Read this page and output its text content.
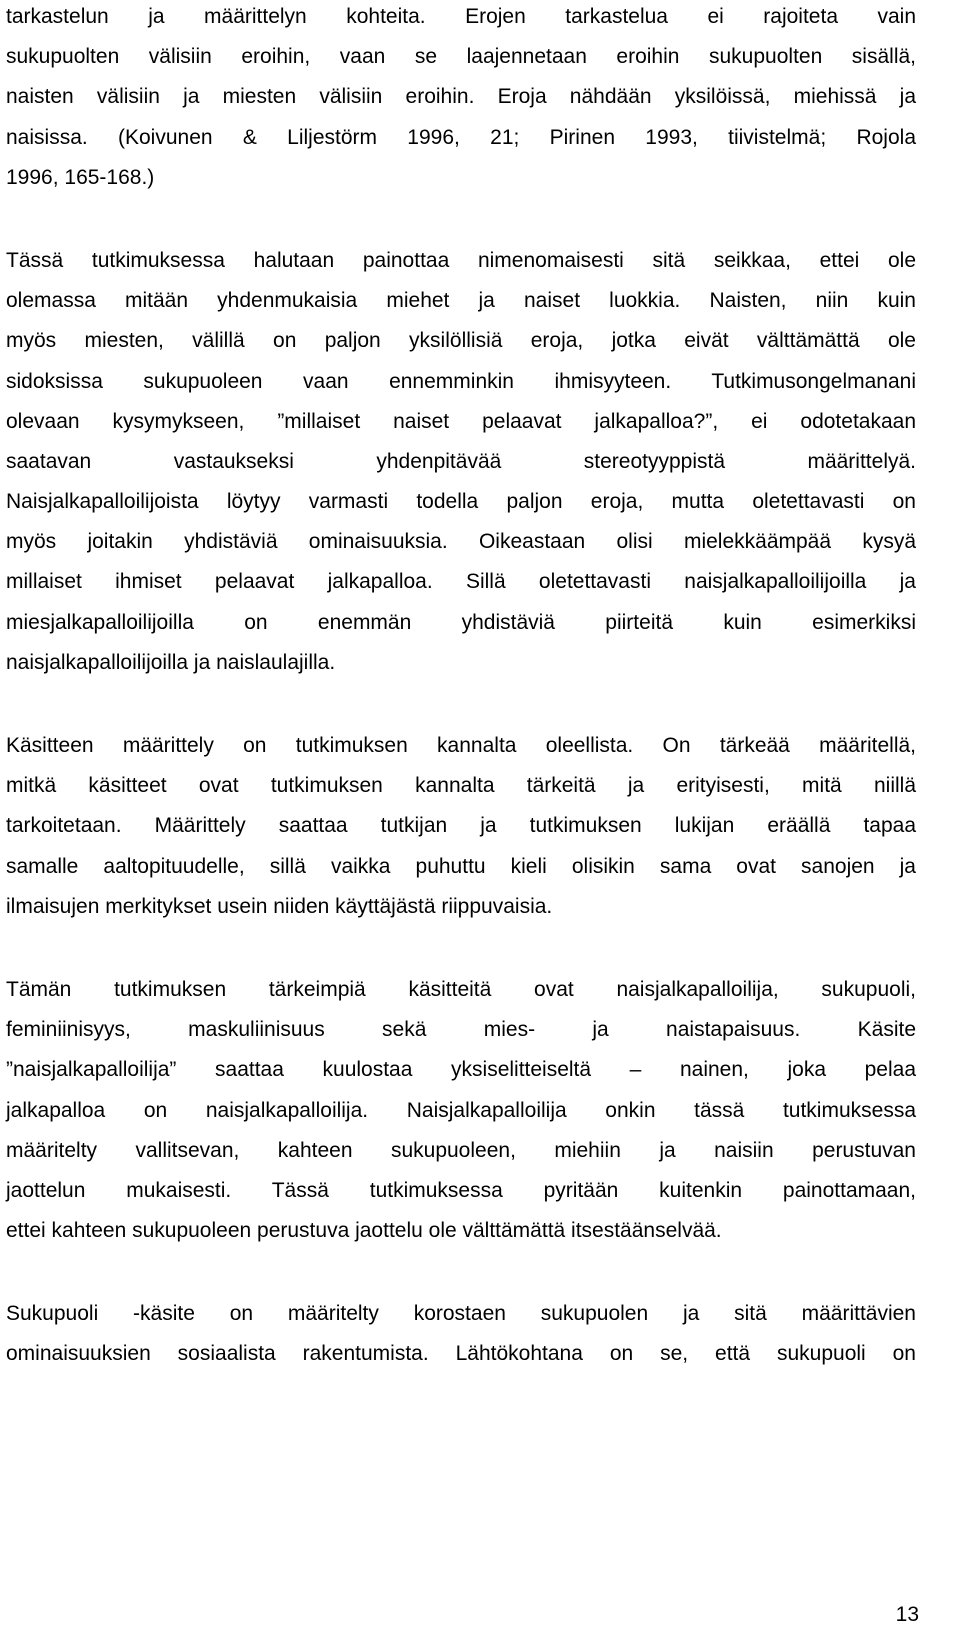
tarkastelun ja määrittelyn kohteita. Erojen tarkastelua ei rajoiteta vain
sukupuolten välisiin eroihin, vaan se laajennetaan eroihin sukupuolten sisällä,
naisten välisiin ja miesten välisiin eroihin. Eroja nähdään yksilöissä, miehissä ja
naisissa. (Koivunen & Liljestörm 1996, 21; Pirinen 1993, tiivistelmä; Rojola
1996, 165-168.)

Tässä tutkimuksessa halutaan painottaa nimenomaisesti sitä seikkaa, ettei ole
olemassa mitään yhdenmukaisia miehet ja naiset luokkia. Naisten, niin kuin
myös miesten, välillä on paljon yksilöllisiä eroja, jotka eivät välttämättä ole
sidoksissa sukupuoleen vaan ennemminkin ihmisyyteen. Tutkimusongelmanani
olevaan kysymykseen, ”millaiset naiset pelaavat jalkapalloa?”, ei odotetakaan
saatavan vastaukseksi yhdenpitävää stereotyyppistä määrittelyä.
Naisjalkapalloilijoista löytyy varmasti todella paljon eroja, mutta oletettavasti on
myös joitakin yhdistäviä ominaisuuksia. Oikeastaan olisi mielekkäämpää kysyä
millaiset ihmiset pelaavat jalkapalloa. Sillä oletettavasti naisjalkapalloilijoilla ja
miesjalkapalloilijoilla on enemmän yhdistäviä piirteitä kuin esimerkiksi
naisjalkapalloilijoilla ja naislaulajilla.

Käsitteen määrittely on tutkimuksen kannalta oleellista. On tärkeää määritellä,
mitkä käsitteet ovat tutkimuksen kannalta tärkeitä ja erityisesti, mitä niillä
tarkoitetaan. Määrittely saattaa tutkijan ja tutkimuksen lukijan eräällä tapaa
samalle aaltopituudelle, sillä vaikka puhuttu kieli olisikin sama ovat sanojen ja
ilmaisujen merkitykset usein niiden käyttäjästä riippuvaisia.

Tämän tutkimuksen tärkeimpiä käsitteitä ovat naisjalkapalloilija, sukupuoli,
feminiinisyys, maskuliinisuus sekä mies- ja naistapaisuus. Käsite
”naisjalkapalloilija” saattaa kuulostaa yksiselitteiseltä – nainen, joka pelaa
jalkapalloa on naisjalkapalloilija. Naisjalkapalloilija onkin tässä tutkimuksessa
määritelty vallitsevan, kahteen sukupuoleen, miehiin ja naisiin perustuvan
jaottelun mukaisesti. Tässä tutkimuksessa pyritään kuitenkin painottamaan,
ettei kahteen sukupuoleen perustuva jaottelu ole välttämättä itsestäänselvää.

Sukupuoli -käsite on määritelty korostaen sukupuolen ja sitä määrittävien
ominaisuuksien sosiaalista rakentumista. Lähtökohtana on se, että sukupuoli on

13
